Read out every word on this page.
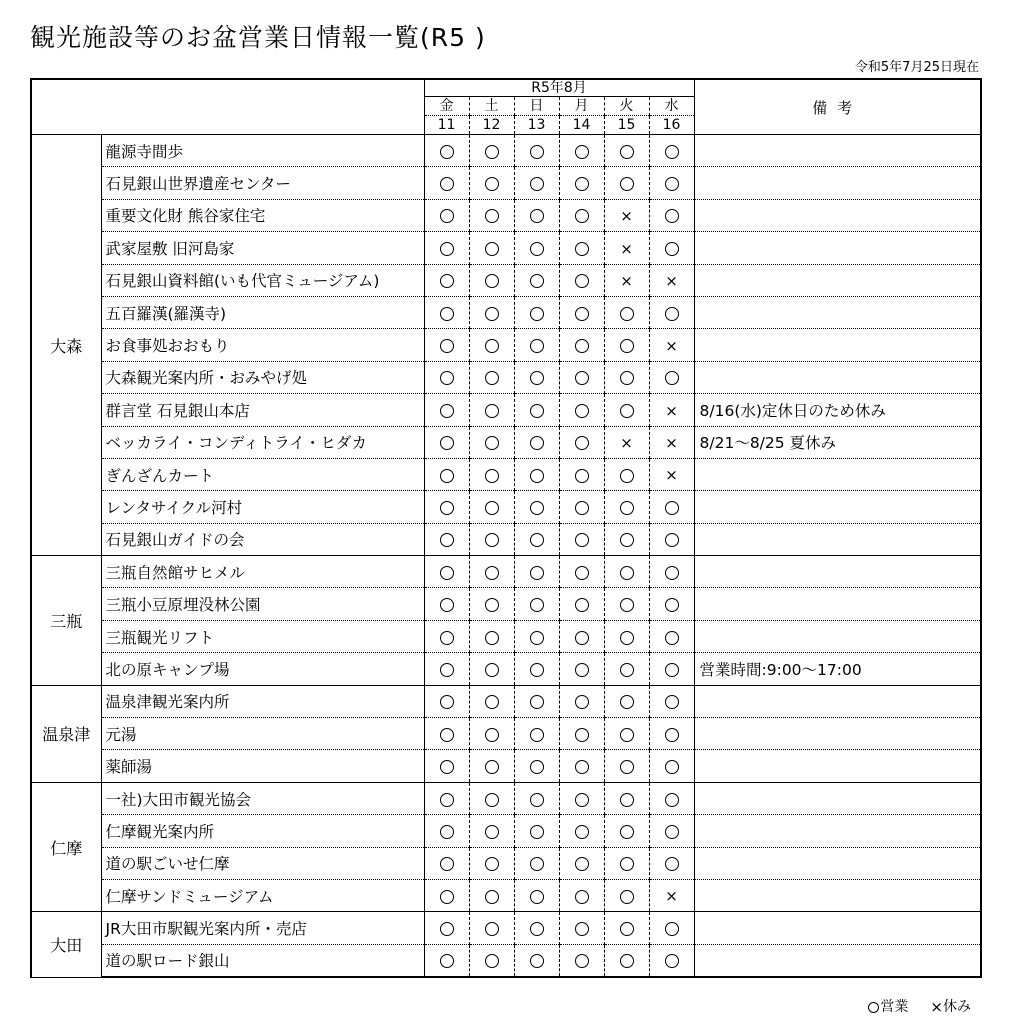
観光施設等のお盆営業日情報一覧(R5 )
令和5年7月25日現在
		R5年8月						備考
		金	土	日	月	火	水	
		11	12	13	14	15	16	
大森	龍源寺間歩							
	石見銀山世界遺産センター							
	重要文化財 熊谷家住宅					×		
	武家屋敷 旧河島家					×		
	石見銀山資料館(いも代官ミュージアム)					×	×	
	五百羅漢(羅漢寺)							
	お食事処おおもり						×	
	大森観光案内所・おみやげ処							
	群言堂 石見銀山本店						×	8/16(水)定休日のため休み
	ベッカライ・コンディトライ・ヒダカ					×	×	8/21〜8/25 夏休み
	ぎんざんカート						×	
	レンタサイクル河村							
	石見銀山ガイドの会							
三瓶	三瓶自然館サヒメル							
	三瓶小豆原埋没林公園							
	三瓶観光リフト							
	北の原キャンプ場							営業時間:9:00〜17:00
温泉津	温泉津観光案内所							
	元湯							
	薬師湯							
仁摩	一社)大田市観光協会							
	仁摩観光案内所							
	道の駅ごいせ仁摩							
	仁摩サンドミュージアム						×	
大田	JR大田市駅観光案内所・売店							
	道の駅ロード銀山							
営業 ×休み
